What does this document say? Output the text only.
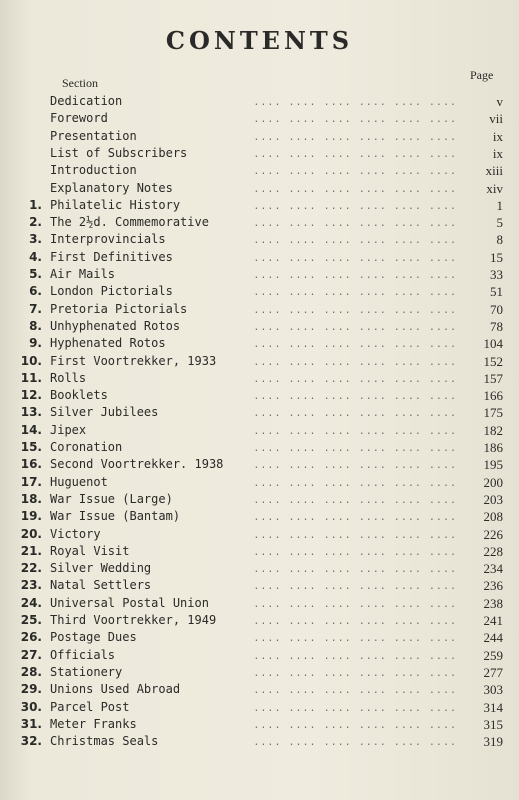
CONTENTS
Section
Page
Dedication	.... .... .... .... .... ....	v
Foreword	.... .... .... .... .... ....	vii
Presentation	.... .... .... .... .... ....	ix
List of Subscribers	.... .... .... .... .... ....	ix
Introduction	.... .... .... .... .... ....	xiii
Explanatory Notes	.... .... .... .... .... ....	xiv
1. Philatelic History	.... .... .... .... .... ....	1
2. The 2½d. Commemorative	.... .... .... .... .... ....	5
3. Interprovincials	.... .... .... .... .... ....	8
4. First Definitives	.... .... .... .... .... ....	15
5. Air Mails	.... .... .... .... .... ....	33
6. London Pictorials	.... .... .... .... .... ....	51
7. Pretoria Pictorials	.... .... .... .... .... ....	70
8. Unhyphenated Rotos	.... .... .... .... .... ....	78
9. Hyphenated Rotos	.... .... .... .... .... ....	104
10. First Voortrekker, 1933	.... .... .... .... .... ....	152
11. Rolls	.... .... .... .... .... ....	157
12. Booklets	.... .... .... .... .... ....	166
13. Silver Jubilees	.... .... .... .... .... ....	175
14. Jipex	.... .... .... .... .... ....	182
15. Coronation	.... .... .... .... .... ....	186
16. Second Voortrekker. 1938	.... .... .... .... .... ....	195
17. Huguenot	.... .... .... .... .... ....	200
18. War Issue (Large)	.... .... .... .... .... ....	203
19. War Issue (Bantam)	.... .... .... .... .... ....	208
20. Victory	.... .... .... .... .... ....	226
21. Royal Visit	.... .... .... .... .... ....	228
22. Silver Wedding	.... .... .... .... .... ....	234
23. Natal Settlers	.... .... .... .... .... ....	236
24. Universal Postal Union	.... .... .... .... .... ....	238
25. Third Voortrekker, 1949	.... .... .... .... .... ....	241
26. Postage Dues	.... .... .... .... .... ....	244
27. Officials	.... .... .... .... .... ....	259
28. Stationery	.... .... .... .... .... ....	277
29. Unions Used Abroad	.... .... .... .... .... ....	303
30. Parcel Post	.... .... .... .... .... ....	314
31. Meter Franks	.... .... .... .... .... ....	315
32. Christmas Seals	.... .... .... .... .... ....	319
